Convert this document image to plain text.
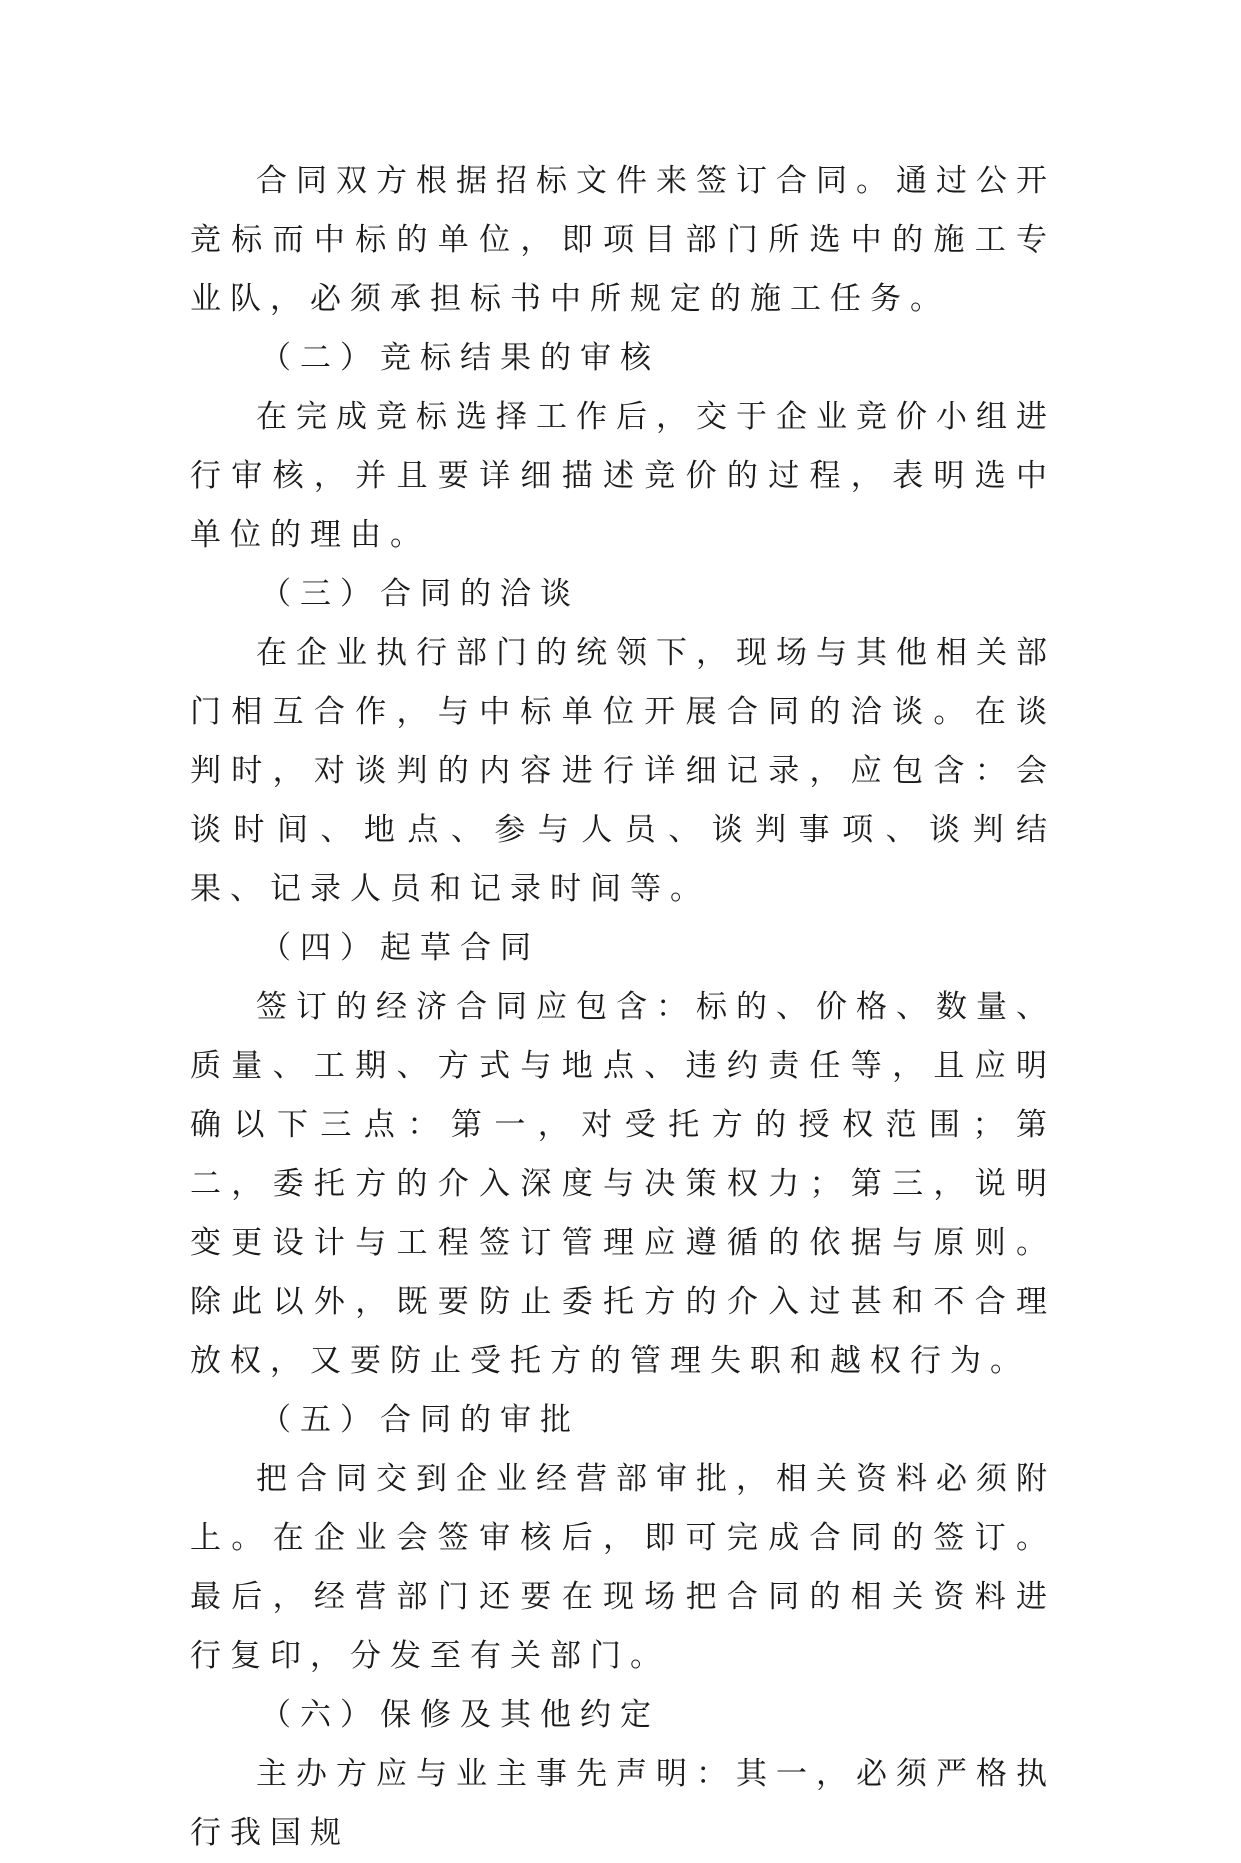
合同双方根据招标文件来签订合同。通过公开竞标而中标的单位，即项目部门所选中的施工专业队，必须承担标书中所规定的施工任务。

（二）竞标结果的审核

在完成竞标选择工作后，交于企业竞价小组进行审核，并且要详细描述竞价的过程，表明选中单位的理由。

（三）合同的洽谈

在企业执行部门的统领下，现场与其他相关部门相互合作，与中标单位开展合同的洽谈。在谈判时，对谈判的内容进行详细记录，应包含：会谈时间、地点、参与人员、谈判事项、谈判结果、记录人员和记录时间等。

（四）起草合同

签订的经济合同应包含：标的、价格、数量、质量、工期、方式与地点、违约责任等，且应明确以下三点：第一，对受托方的授权范围；第二，委托方的介入深度与决策权力；第三，说明变更设计与工程签订管理应遵循的依据与原则。除此以外，既要防止委托方的介入过甚和不合理放权，又要防止受托方的管理失职和越权行为。

（五）合同的审批

把合同交到企业经营部审批，相关资料必须附上。在企业会签审核后，即可完成合同的签订。最后，经营部门还要在现场把合同的相关资料进行复印，分发至有关部门。

（六）保修及其他约定

主办方应与业主事先声明：其一，必须严格执行我国规
